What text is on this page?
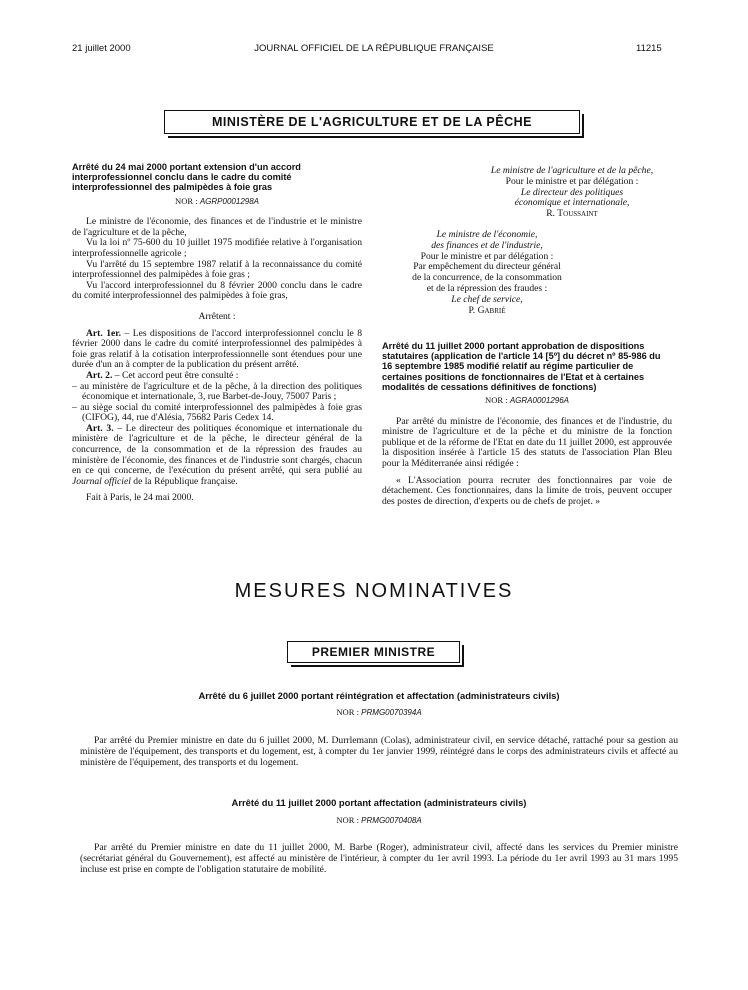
21 juillet 2000	JOURNAL OFFICIEL DE LA RÉPUBLIQUE FRANÇAISE	11215
MINISTÈRE DE L'AGRICULTURE ET DE LA PÊCHE

Arrêté du 24 mai 2000 portant extension d'un accord interprofessionnel conclu dans le cadre du comité interprofessionnel des palmipèdes à foie gras

NOR : AGRP0001298A

Le ministre de l'économie, des finances et de l'industrie et le ministre de l'agriculture et de la pêche,

Vu la loi nº 75-600 du 10 juillet 1975 modifiée relative à l'organisation interprofessionnelle agricole ;

Vu l'arrêté du 15 septembre 1987 relatif à la reconnaissance du comité interprofessionnel des palmipèdes à foie gras ;

Vu l'accord interprofessionnel du 8 février 2000 conclu dans le cadre du comité interprofessionnel des palmipèdes à foie gras,

Arrêtent :

Art. 1er. – Les dispositions de l'accord interprofessionnel conclu le 8 février 2000 dans le cadre du comité interprofessionnel des palmipèdes à foie gras relatif à la cotisation interprofessionnelle sont étendues pour une durée d'un an à compter de la publication du présent arrêté.

Art. 2. – Cet accord peut être consulté :

– au ministère de l'agriculture et de la pêche, à la direction des politiques économique et internationale, 3, rue Barbet-de-Jouy, 75007 Paris ;

– au siège social du comité interprofessionnel des palmipèdes à foie gras (CIFOG), 44, rue d'Alésia, 75682 Paris Cedex 14.

Art. 3. – Le directeur des politiques économique et internationale du ministère de l'agriculture et de la pêche, le directeur général de la concurrence, de la consommation et de la répression des fraudes au ministère de l'économie, des finances et de l'industrie sont chargés, chacun en ce qui concerne, de l'exécution du présent arrêté, qui sera publié au Journal officiel de la République française.

Fait à Paris, le 24 mai 2000.

Le ministre de l'agriculture et de la pêche,

Pour le ministre et par délégation :

Le directeur des politiques

économique et internationale,

R. Toussaint

Le ministre de l'économie,

des finances et de l'industrie,

Pour le ministre et par délégation :

Par empêchement du directeur général

de la concurrence, de la consommation

et de la répression des fraudes :

Le chef de service,

P. Gabrié

Arrêté du 11 juillet 2000 portant approbation de dispositions statutaires (application de l'article 14 [5º] du décret nº 85-986 du 16 septembre 1985 modifié relatif au régime particulier de certaines positions de fonctionnaires de l'Etat et à certaines modalités de cessations définitives de fonctions)

NOR : AGRA0001296A

Par arrêté du ministre de l'économie, des finances et de l'industrie, du ministre de l'agriculture et de la pêche et du ministre de la fonction publique et de la réforme de l'Etat en date du 11 juillet 2000, est approuvée la disposition insérée à l'article 15 des statuts de l'association Plan Bleu pour la Méditerranée ainsi rédigée :

« L'Association pourra recruter des fonctionnaires par voie de détachement. Ces fonctionnaires, dans la limite de trois, peuvent occuper des postes de direction, d'experts ou de chefs de projet. »

MESURES NOMINATIVES
PREMIER MINISTRE
Arrêté du 6 juillet 2000 portant réintégration et affectation (administrateurs civils)
NOR : PRMG0070394A

Par arrêté du Premier ministre en date du 6 juillet 2000, M. Durrlemann (Colas), administrateur civil, en service détaché, rattaché pour sa gestion au ministère de l'équipement, des transports et du logement, est, à compter du 1er janvier 1999, réintégré dans le corps des administrateurs civils et affecté au ministère de l'équipement, des transports et du logement.

Arrêté du 11 juillet 2000 portant affectation (administrateurs civils)
NOR : PRMG0070408A

Par arrêté du Premier ministre en date du 11 juillet 2000, M. Barbe (Roger), administrateur civil, affecté dans les services du Premier ministre (secrétariat général du Gouvernement), est affecté au ministère de l'intérieur, à compter du 1er avril 1993. La période du 1er avril 1993 au 31 mars 1995 incluse est prise en compte de l'obligation statutaire de mobilité.
